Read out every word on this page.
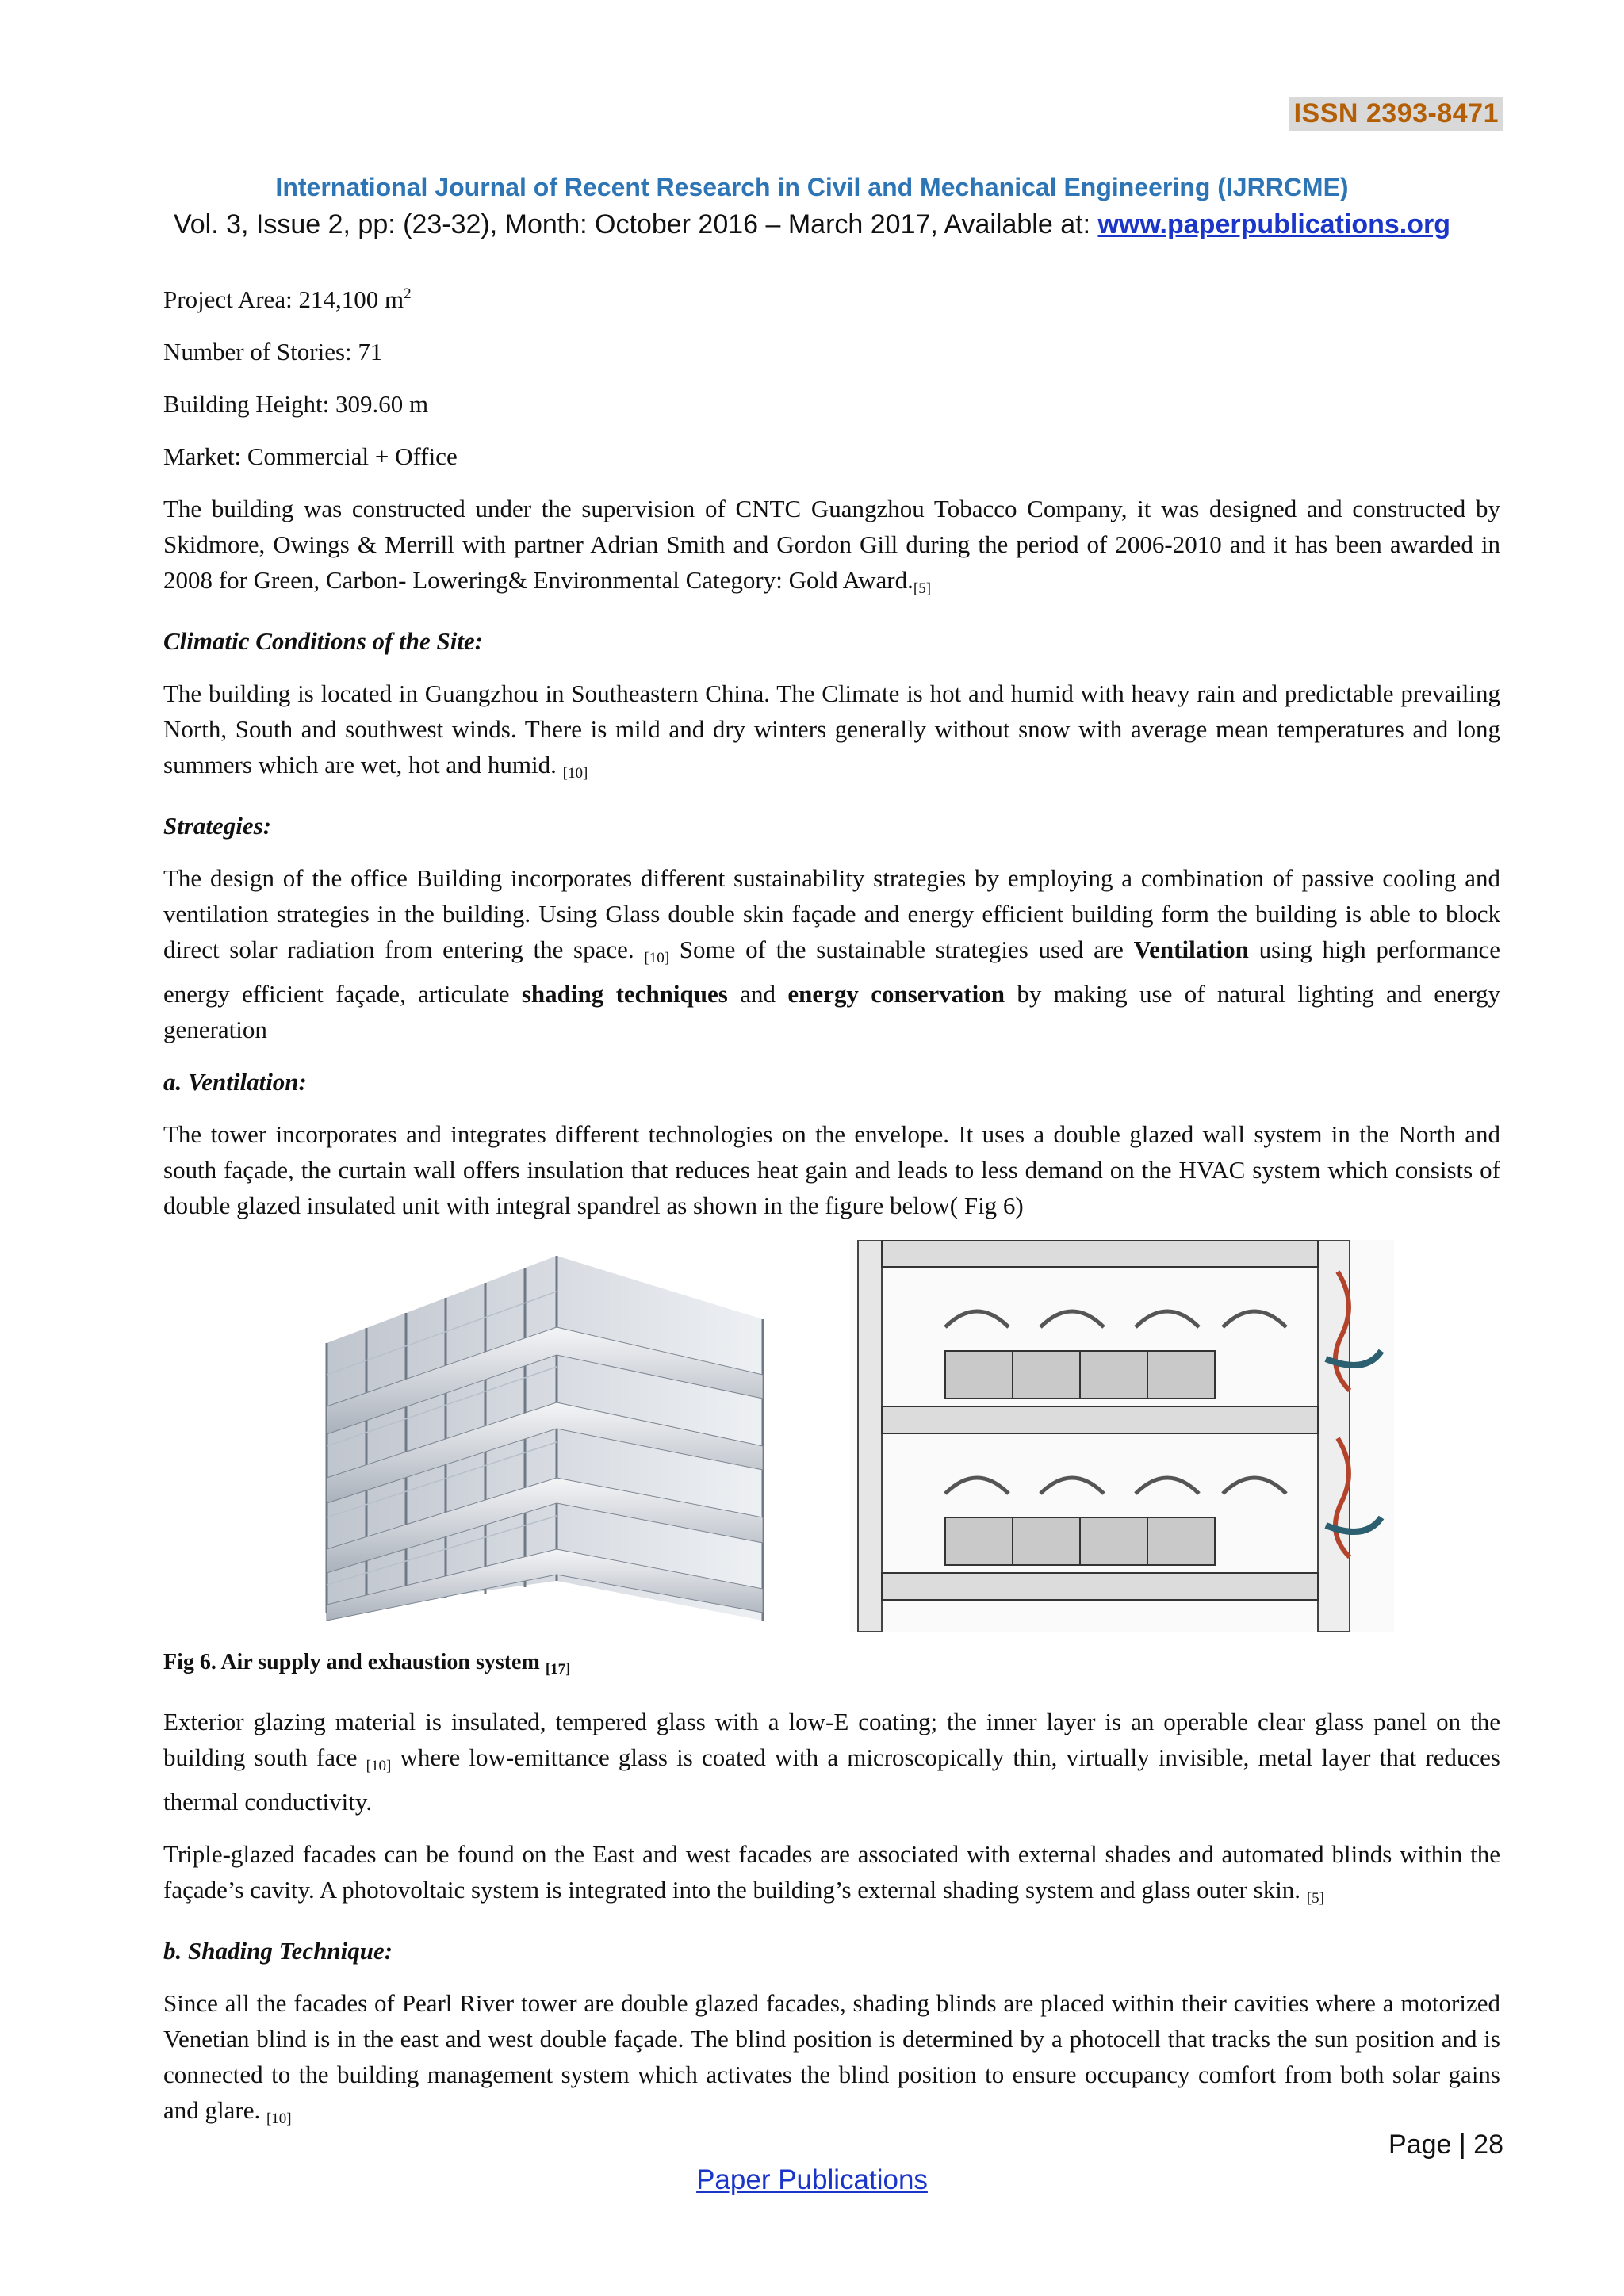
ISSN 2393-8471
International Journal of Recent Research in Civil and Mechanical Engineering (IJRRCME)
Vol. 3, Issue 2, pp: (23-32), Month: October 2016 – March 2017, Available at: www.paperpublications.org

Project Area: 214,100 $m^2$

Number of Stories: 71

Building Height: 309.60 m

Market: Commercial + Office

The building was constructed under the supervision of CNTC Guangzhou Tobacco Company, it was designed and constructed by Skidmore, Owings & Merrill with partner Adrian Smith and Gordon Gill during the period of 2006-2010 and it has been awarded in 2008 for Green, Carbon- Lowering& Environmental Category: Gold $Award._{[5]}$

Climatic Conditions of the Site:

The building is located in Guangzhou in Southeastern China. The Climate is hot and humid with heavy rain and predictable prevailing North, South and southwest winds. There is mild and dry winters generally without snow with average mean temperatures and long summers which are wet, hot and humid. $_{[10]}$

Strategies:

The design of the office Building incorporates different sustainability strategies by employing a combination of passive cooling and ventilation strategies in the building. Using Glass double skin façade and energy efficient building form the building is able to block direct solar radiation from entering the space. $_{[10]}$ Some of the sustainable strategies used are Ventilation using high performance energy efficient façade, articulate shading techniques and energy conservation by making use of natural lighting and energy generation

a. Ventilation:

The tower incorporates and integrates different technologies on the envelope. It uses a double glazed wall system in the North and south façade, the curtain wall offers insulation that reduces heat gain and leads to less demand on the HVAC system which consists of double glazed insulated unit with integral spandrel as shown in the figure below( Fig 6)

Fig 6. Air supply and exhaustion system $_{[17]}$

Exterior glazing material is insulated, tempered glass with a low-E coating; the inner layer is an operable clear glass panel on the building south face $_{[10]}$ where low-emittance glass is coated with a microscopically thin, virtually invisible, metal layer that reduces thermal conductivity.

Triple-glazed facades can be found on the East and west facades are associated with external shades and automated blinds within the façade’s cavity. A photovoltaic system is integrated into the building’s external shading system and glass outer skin. $_{[5]}$

b. Shading Technique:

Since all the facades of Pearl River tower are double glazed facades, shading blinds are placed within their cavities where a motorized Venetian blind is in the east and west double façade. The blind position is determined by a photocell that tracks the sun position and is connected to the building management system which activates the blind position to ensure occupancy comfort from both solar gains and glare. $_{[10]}$

Page | 28
Paper Publications
